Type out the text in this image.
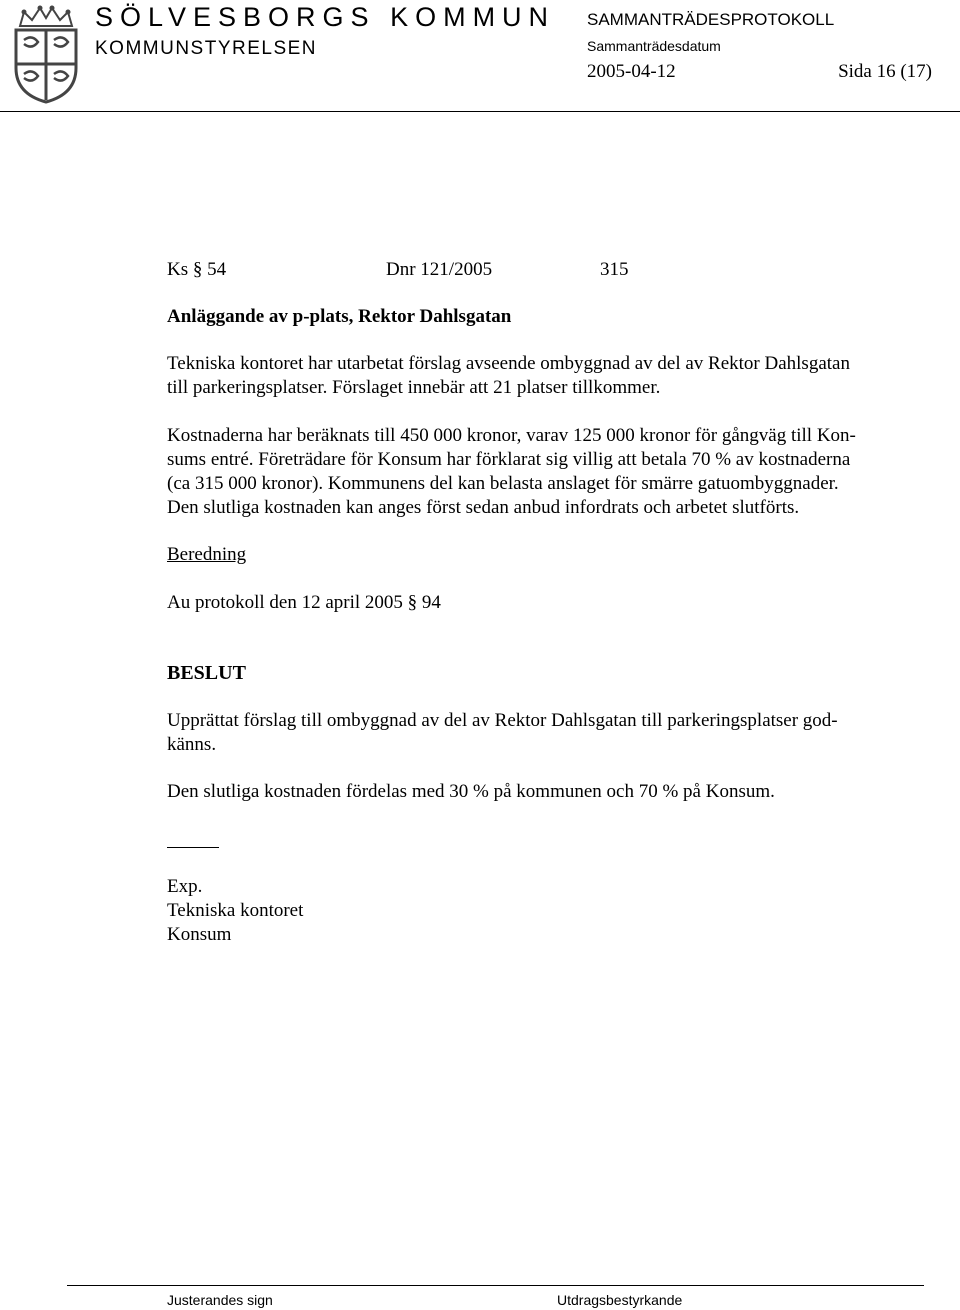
SÖLVESBORGS KOMMUN
KOMMUNSTYRELSEN
SAMMANTRÄDESPROTOKOLL
Sammanträdesdatum
2005-04-12	Sida 16 (17)
Ks § 54	Dnr 121/2005	315
Anläggande av p-plats, Rektor Dahlsgatan
Tekniska kontoret har utarbetat förslag avseende ombyggnad av del av Rektor Dahlsgatan
till parkeringsplatser. Förslaget innebär att 21 platser tillkommer.
Kostnaderna har beräknats till 450 000 kronor, varav 125 000 kronor för gångväg till Kon-
sums entré. Företrädare för Konsum har förklarat sig villig att betala 70 % av kostnaderna
(ca 315 000 kronor). Kommunens del kan belasta anslaget för smärre gatuombyggnader.
Den slutliga kostnaden kan anges först sedan anbud infordrats och arbetet slutförts.
Beredning
Au protokoll den 12 april 2005 § 94
BESLUT
Upprättat förslag till ombyggnad av del av Rektor Dahlsgatan till parkeringsplatser god-
känns.
Den slutliga kostnaden fördelas med 30 % på kommunen och 70 % på Konsum.
Exp.
Tekniska kontoret
Konsum
Justerandes sign	Utdragsbestyrkande
